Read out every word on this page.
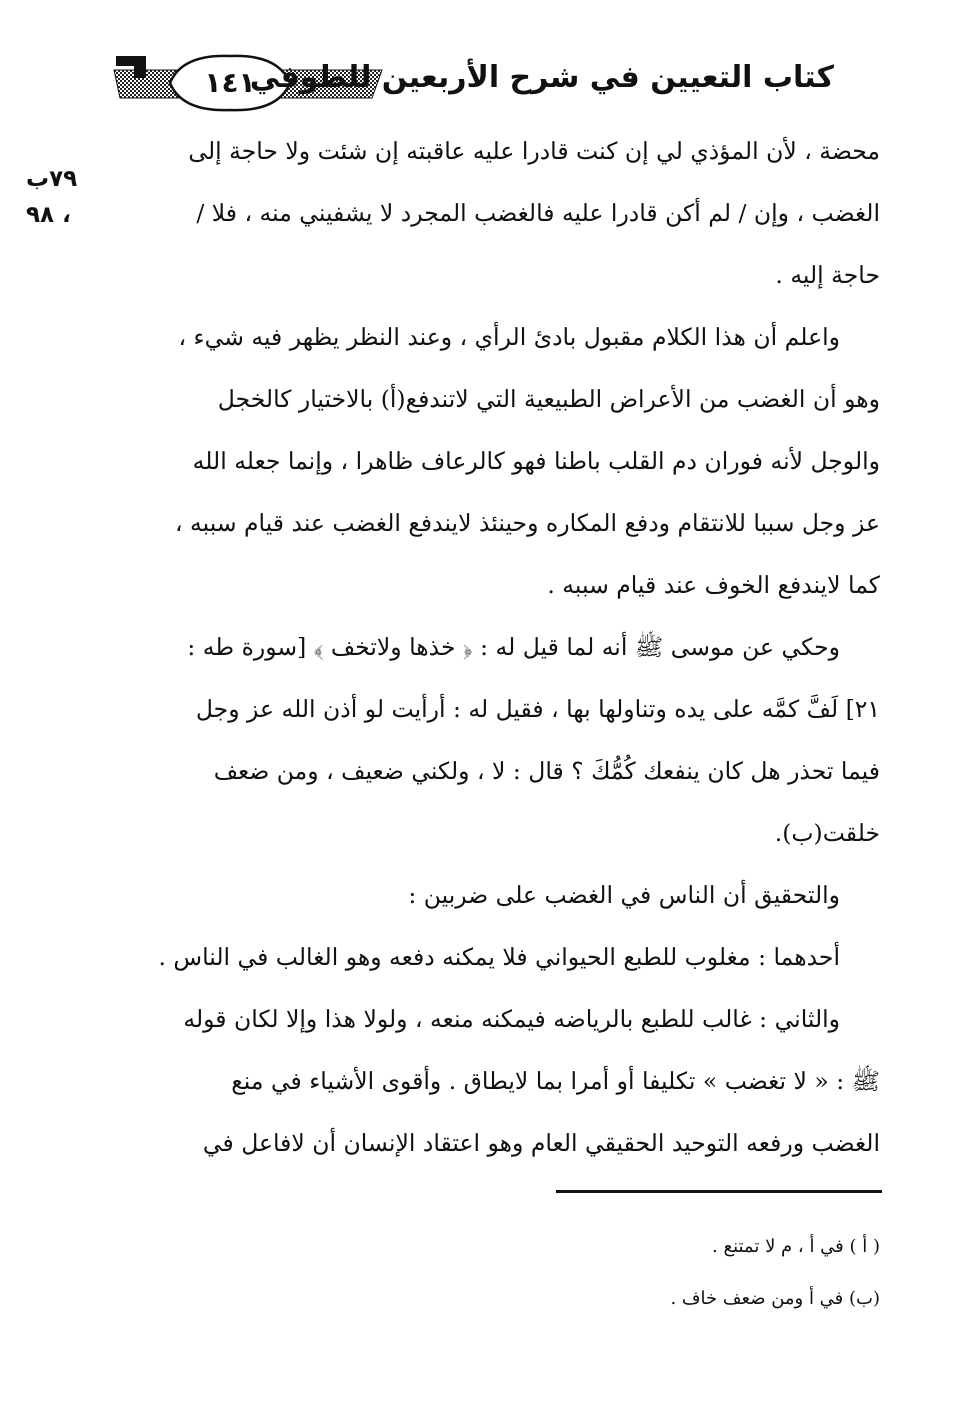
١٤١
كتاب التعيين في شرح الأربعين للطوفي
٧٩ب
، ٩٨
محضة ، لأن المؤذي لي إن كنت قادرا عليه عاقبته إن شئت ولا حاجة إلى
الغضب ، وإن / لم أكن قادرا عليه فالغضب المجرد لا يشفيني منه ، فلا /
حاجة إليه .
واعلم أن هذا الكلام مقبول بادئ الرأي ، وعند النظر يظهر فيه شيء ،
وهو أن الغضب من الأعراض الطبيعية التي لاتندفع(أ) بالاختيار كالخجل
والوجل لأنه فوران دم القلب باطنا فهو كالرعاف ظاهرا ، وإنما جعله الله
عز وجل سببا للانتقام ودفع المكاره وحينئذ لايندفع الغضب عند قيام سببه ،
كما لايندفع الخوف عند قيام سببه .
وحكي عن موسى ﷺ أنه لما قيل له : ﴿ خذها ولاتخف ﴾ [سورة طه :
٢١] لَفَّ كمَّه على يده وتناولها بها ، فقيل له : أرأيت لو أذن الله عز وجل
فيما تحذر هل كان ينفعك كُمُّكَ ؟ قال : لا ، ولكني ضعيف ، ومن ضعف
خلقت(ب).
والتحقيق أن الناس في الغضب على ضربين :
أحدهما : مغلوب للطبع الحيواني فلا يمكنه دفعه وهو الغالب في الناس .
والثاني : غالب للطبع بالرياضه فيمكنه منعه ، ولولا هذا وإلا لكان قوله
ﷺ : « لا تغضب » تكليفا أو أمرا بما لايطاق . وأقوى الأشياء في منع
الغضب ورفعه التوحيد الحقيقي العام وهو اعتقاد الإنسان أن لافاعل في
( أ ) في أ ، م لا تمتنع .
(ب) في أ ومن ضعف خاف .
